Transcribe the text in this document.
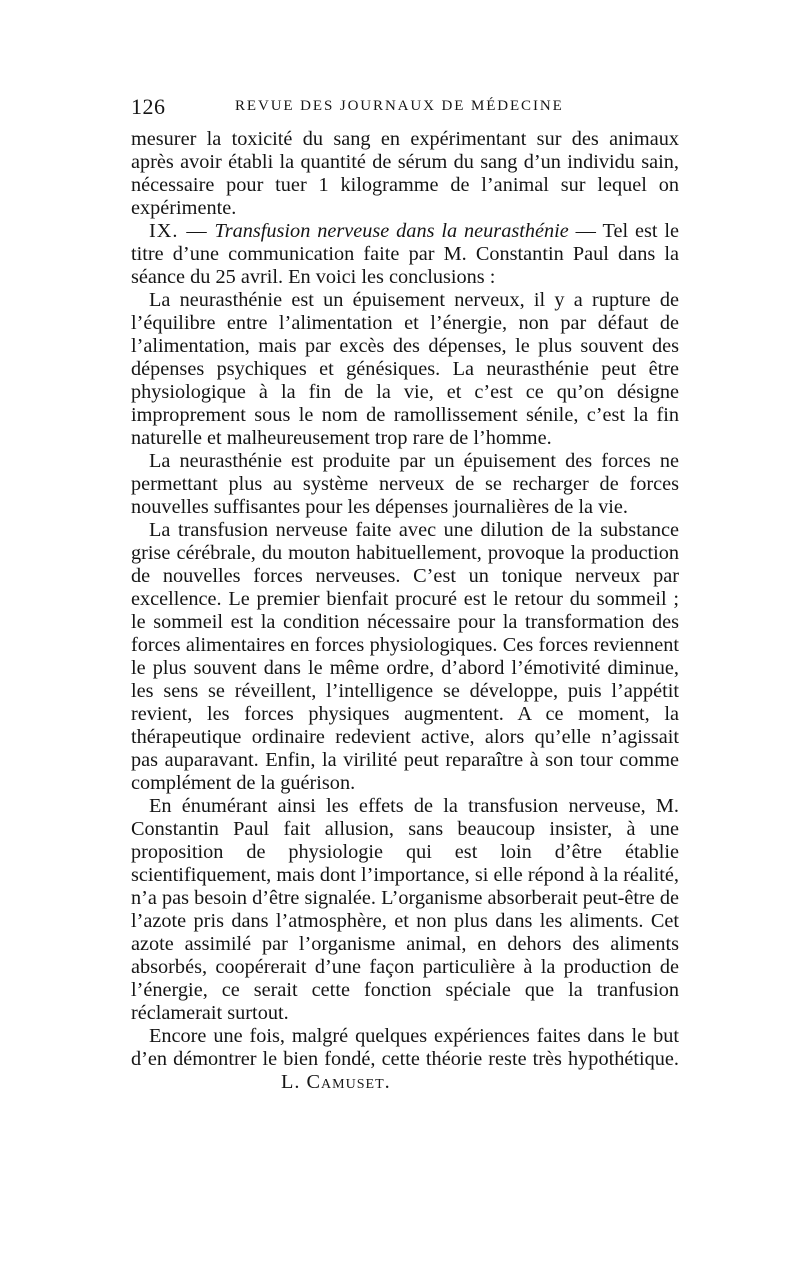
126	REVUE DES JOURNAUX DE MÉDECINE

mesurer la toxicité du sang en expérimentant sur des animaux après avoir établi la quantité de sérum du sang d’un individu sain, nécessaire pour tuer 1 kilogramme de l’animal sur lequel on expérimente.

IX. — Transfusion nerveuse dans la neurasthénie — Tel est le titre d’une communication faite par M. Constantin Paul dans la séance du 25 avril. En voici les conclusions :

La neurasthénie est un épuisement nerveux, il y a rupture de l’équilibre entre l’alimentation et l’énergie, non par défaut de l’alimentation, mais par excès des dépenses, le plus souvent des dépenses psychiques et génésiques. La neurasthénie peut être physiologique à la fin de la vie, et c’est ce qu’on désigne improprement sous le nom de ramollissement sénile, c’est la fin naturelle et malheureusement trop rare de l’homme.

La neurasthénie est produite par un épuisement des forces ne permettant plus au système nerveux de se recharger de forces nouvelles suffisantes pour les dépenses journalières de la vie.

La transfusion nerveuse faite avec une dilution de la substance grise cérébrale, du mouton habituellement, provoque la production de nouvelles forces nerveuses. C’est un tonique nerveux par excellence. Le premier bienfait procuré est le retour du sommeil ; le sommeil est la condition nécessaire pour la transformation des forces alimentaires en forces physiologiques. Ces forces reviennent le plus souvent dans le même ordre, d’abord l’émotivité diminue, les sens se réveillent, l’intelligence se développe, puis l’appétit revient, les forces physiques augmentent. A ce moment, la thérapeutique ordinaire redevient active, alors qu’elle n’agissait pas auparavant. Enfin, la virilité peut reparaître à son tour comme complément de la guérison.

En énumérant ainsi les effets de la transfusion nerveuse, M. Constantin Paul fait allusion, sans beaucoup insister, à une proposition de physiologie qui est loin d’être établie scientifiquement, mais dont l’importance, si elle répond à la réalité, n’a pas besoin d’être signalée. L’organisme absorberait peut-être de l’azote pris dans l’atmosphère, et non plus dans les aliments. Cet azote assimilé par l’organisme animal, en dehors des aliments absorbés, coopérerait d’une façon particulière à la production de l’énergie, ce serait cette fonction spéciale que la tranfusion réclamerait surtout.

Encore une fois, malgré quelques expériences faites dans le but d’en démontrer le bien fondé, cette théorie reste très hypothétique.L. Camuset.
